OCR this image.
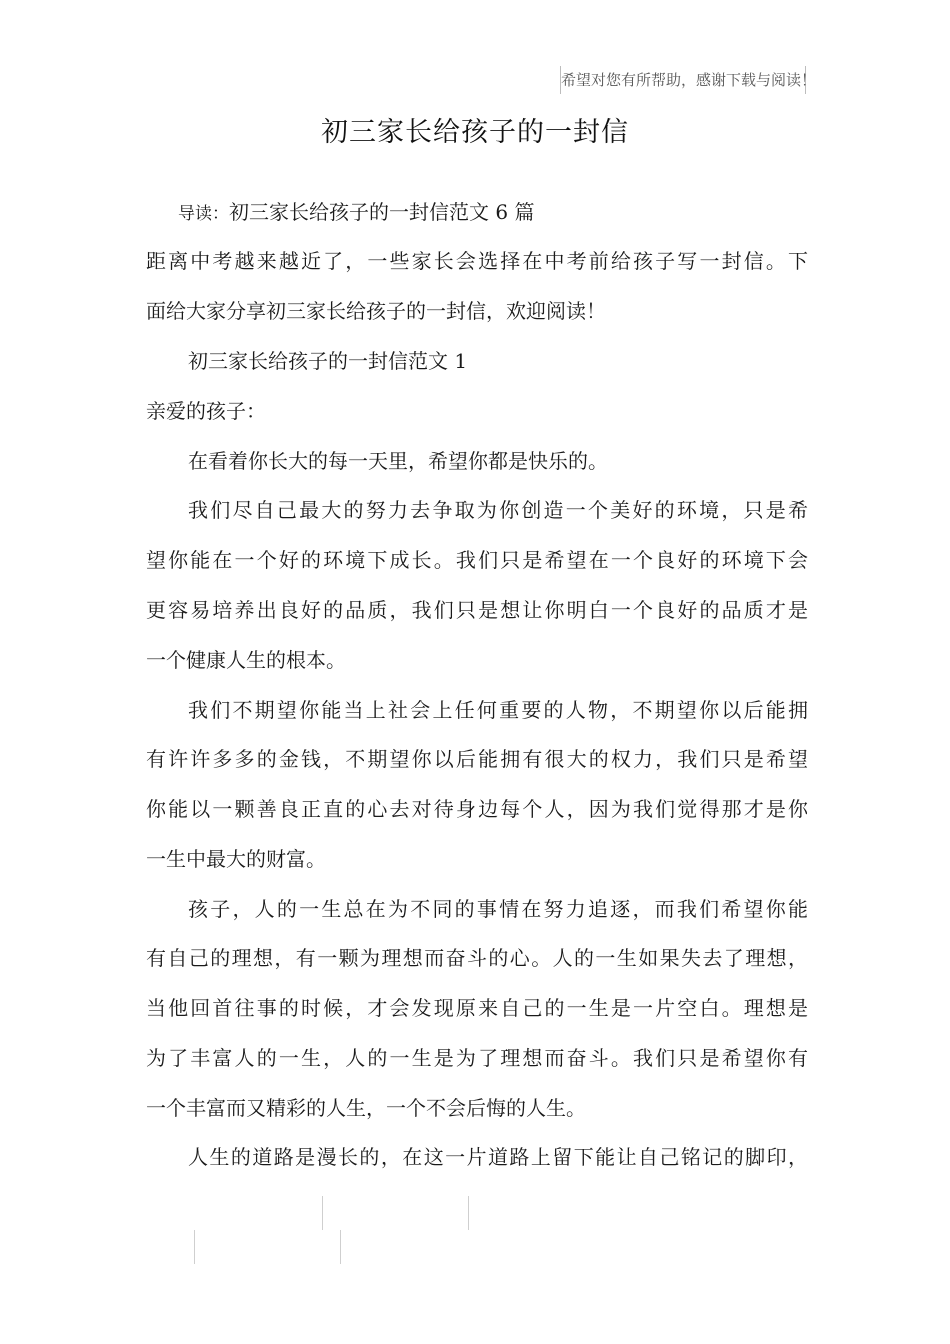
希望对您有所帮助，感谢下载与阅读！
初三家长给孩子的一封信
导读：初三家长给孩子的一封信范文 6 篇
距离中考越来越近了，一些家长会选择在中考前给孩子写一封信。下
面给大家分享初三家长给孩子的一封信，欢迎阅读！
初三家长给孩子的一封信范文 1
亲爱的孩子：
在看着你长大的每一天里，希望你都是快乐的。
我们尽自己最大的努力去争取为你创造一个美好的环境，只是希
望你能在一个好的环境下成长。我们只是希望在一个良好的环境下会
更容易培养出良好的品质，我们只是想让你明白一个良好的品质才是
一个健康人生的根本。
我们不期望你能当上社会上任何重要的人物，不期望你以后能拥
有许许多多的金钱，不期望你以后能拥有很大的权力，我们只是希望
你能以一颗善良正直的心去对待身边每个人，因为我们觉得那才是你
一生中最大的财富。
孩子，人的一生总在为不同的事情在努力追逐，而我们希望你能
有自己的理想，有一颗为理想而奋斗的心。人的一生如果失去了理想，
当他回首往事的时候，才会发现原来自己的一生是一片空白。理想是
为了丰富人的一生，人的一生是为了理想而奋斗。我们只是希望你有
一个丰富而又精彩的人生，一个不会后悔的人生。
人生的道路是漫长的，在这一片道路上留下能让自己铭记的脚印，
